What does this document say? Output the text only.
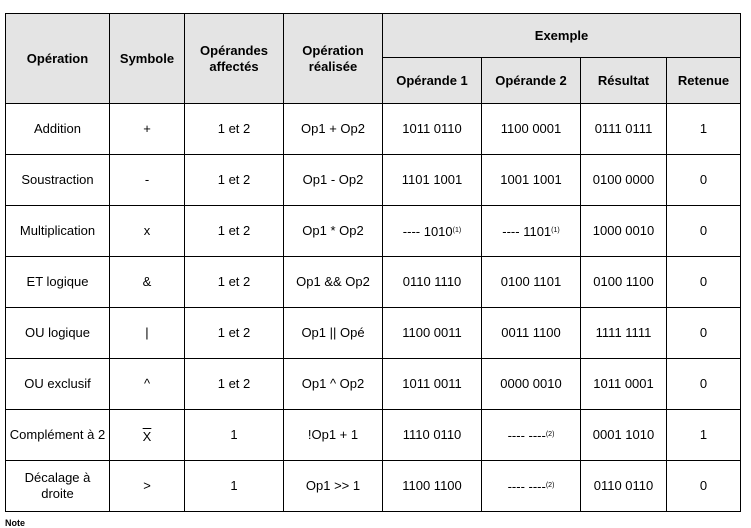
Opération	Symbole	Opérandes affectés	Opération réalisée	Exemple			
				Opérande 1	Opérande 2	Résultat	Retenue
Addition	+	1 et 2	Op1 + Op2	1011 0110	1100 0001	0111 0111	1
Soustraction	-	1 et 2	Op1 - Op2	1101 1001	1001 1001	0100 0000	0
Multiplication	x	1 et 2	Op1 * Op2	---- 1010$^{(1)}$	---- 1101$^{(1)}$	1000 0010	0
ET logique	&	1 et 2	Op1 && Op2	0110 1110	0100 1101	0100 1100	0
OU logique	|	1 et 2	Op1 || Opé	1100 0011	0011 1100	1111 1111	0
OU exclusif	^	1 et 2	Op1 ^ Op2	1011 0011	0000 0010	1011 0001	0
Complément à 2	$\overline{X}$	1	!Op1 + 1	1110 0110	---- ----$^{(2)}$	0001 1010	1
Décalage à droite	>	1	Op1 >> 1	1100 1100	---- ----$^{(2)}$	0110 0110	0
Note
